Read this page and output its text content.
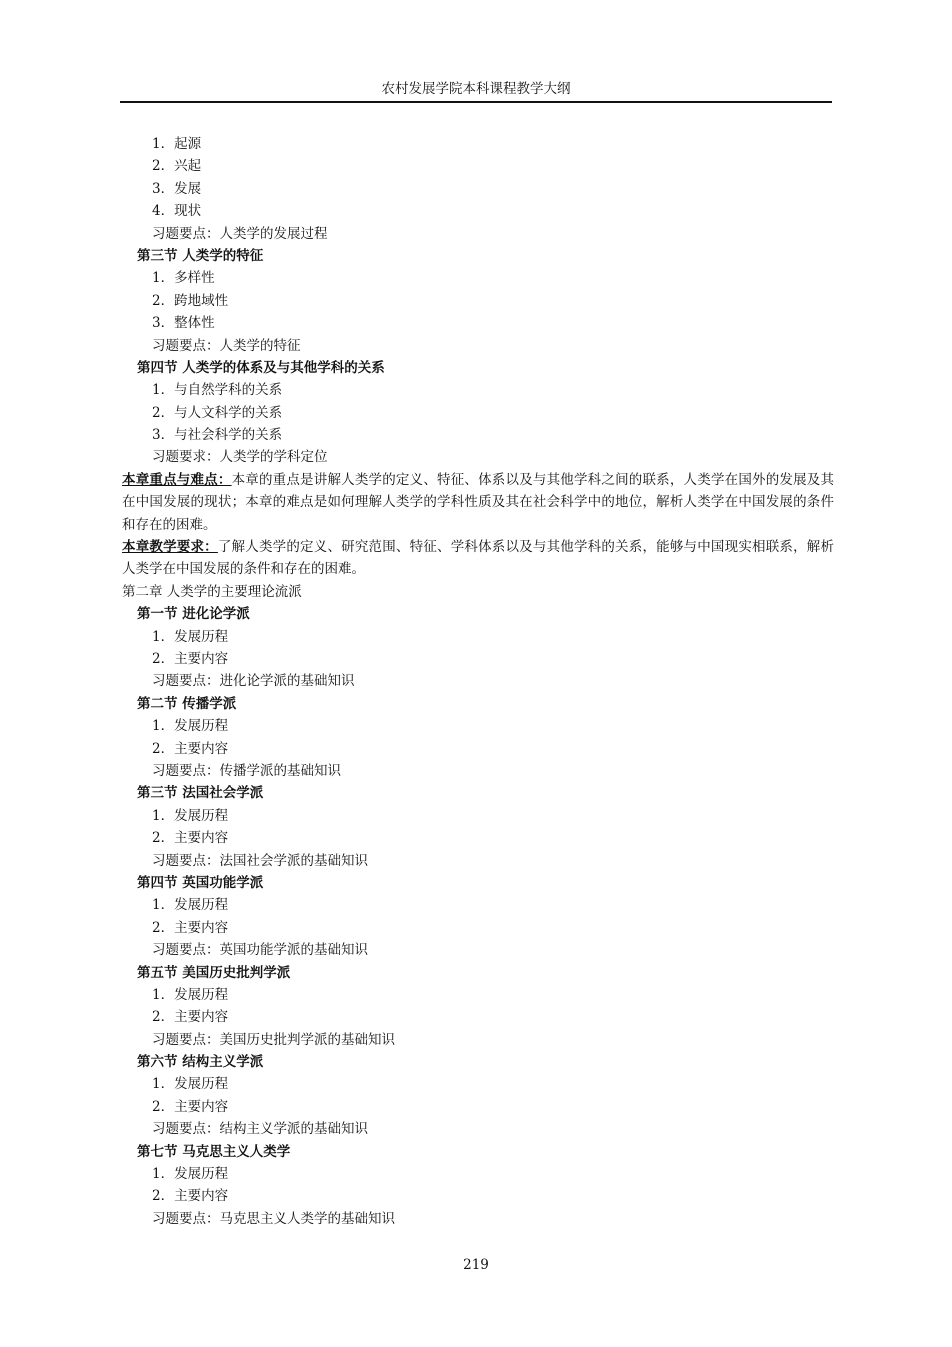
农村发展学院本科课程教学大纲
1．起源
2．兴起
3．发展
4．现状
习题要点：人类学的发展过程
第三节 人类学的特征
1．多样性
2．跨地域性
3．整体性
习题要点：人类学的特征
第四节 人类学的体系及与其他学科的关系
1．与自然学科的关系
2．与人文科学的关系
3．与社会科学的关系
习题要求：人类学的学科定位
本章重点与难点：本章的重点是讲解人类学的定义、特征、体系以及与其他学科之间的联系，人类学在国外的发展及其在中国发展的现状；本章的难点是如何理解人类学的学科性质及其在社会科学中的地位，解析人类学在中国发展的条件和存在的困难。
本章教学要求：了解人类学的定义、研究范围、特征、学科体系以及与其他学科的关系，能够与中国现实相联系，解析人类学在中国发展的条件和存在的困难。
第二章 人类学的主要理论流派
第一节 进化论学派
1．发展历程
2．主要内容
习题要点：进化论学派的基础知识
第二节 传播学派
1．发展历程
2．主要内容
习题要点：传播学派的基础知识
第三节 法国社会学派
1．发展历程
2．主要内容
习题要点：法国社会学派的基础知识
第四节 英国功能学派
1．发展历程
2．主要内容
习题要点：英国功能学派的基础知识
第五节 美国历史批判学派
1．发展历程
2．主要内容
习题要点：美国历史批判学派的基础知识
第六节 结构主义学派
1．发展历程
2．主要内容
习题要点：结构主义学派的基础知识
第七节 马克思主义人类学
1．发展历程
2．主要内容
习题要点：马克思主义人类学的基础知识
219
